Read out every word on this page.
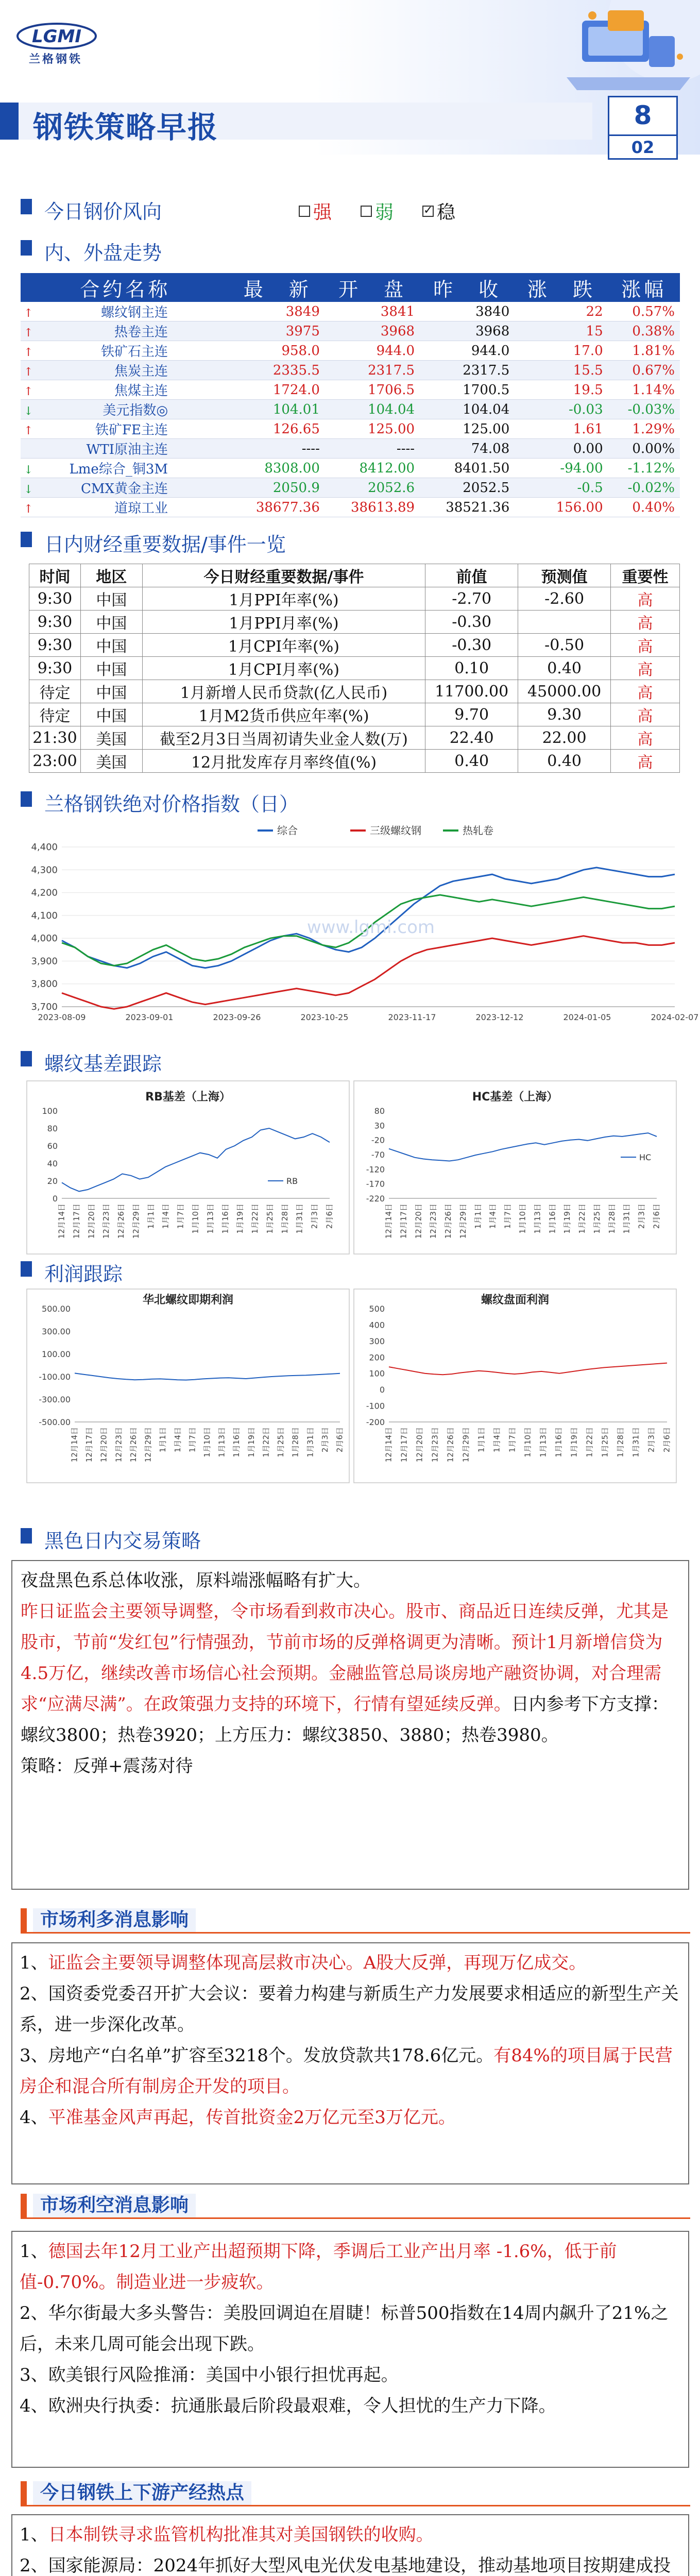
LGMI
兰格钢铁
钢铁策略早报	8
02
今日钢价风向	强	弱	✓ 稳
内、外盘走势
合约名称	最　新	开　盘	昨　收	涨　跌	涨幅
↑ 螺纹钢主连	3849	3841	3840	22	0.57%
↑ 热卷主连	3975	3968	3968	15	0.38%
↑ 铁矿石主连	958.0	944.0	944.0	17.0	1.81%
↑ 焦炭主连	2335.5	2317.5	2317.5	15.5	0.67%
↑ 焦煤主连	1724.0	1706.5	1700.5	19.5	1.14%
↓ 美元指数◎	104.01	104.04	104.04	-0.03	-0.03%
↑ 铁矿FE主连	126.65	125.00	125.00	1.61	1.29%
WTI原油主连	----	----	74.08	0.00	0.00%
↓ Lme综合_铜3M	8308.00	8412.00	8401.50	-94.00	-1.12%
↓ CMX黄金主连	2050.9	2052.6	2052.5	-0.5	-0.02%
↑ 道琼工业	38677.36	38613.89	38521.36	156.00	0.40%
日内财经重要数据/事件一览
时间	地区	今日财经重要数据/事件	前值	预测值	重要性
9:30	中国	1月PPI年率(%)	-2.70	-2.60	高
9:30	中国	1月PPI月率(%)	-0.30		高
9:30	中国	1月CPI年率(%)	-0.30	-0.50	高
9:30	中国	1月CPI月率(%)	0.10	0.40	高
待定	中国	1月新增人民币贷款(亿人民币)	11700.00	45000.00	高
待定	中国	1月M2货币供应年率(%)	9.70	9.30	高
21:30	美国	截至2月3日当周初请失业金人数(万)	22.40	22.00	高
23:00	美国	12月批发库存月率终值(%)	0.40	0.40	高
兰格钢铁绝对价格指数（日）
4,400
4,300
4,200
4,100
4,000
3,900
3,800
3,700
2023-08-09	2023-09-01	2023-09-26	2023-10-25	2023-11-17	2023-12-12	2024-01-05	2024-02-07
综合	三级螺纹钢	热轧卷
www.lgmi.com
螺纹基差跟踪
RB基差（上海）
100
80
60
40
20
0
12月14日 12月17日 12月20日 12月23日 12月26日 12月29日 1月1日 1月4日 1月7日 1月10日 1月13日 1月16日 1月19日 1月22日 1月25日 1月28日 1月31日 2月3日 2月6日
RB
HC基差（上海）
80
30
-20
-70
-120
-170
-220
12月14日 12月17日 12月20日 12月23日 12月26日 12月29日 1月1日 1月4日 1月7日 1月10日 1月13日 1月16日 1月19日 1月22日 1月25日 1月28日 1月31日 2月3日 2月6日
HC
利润跟踪
华北螺纹即期利润
500.00
300.00
100.00
-100.00
-300.00
-500.00
12月14日 12月17日 12月20日 12月23日 12月26日 12月29日 1月1日 1月4日 1月7日 1月10日 1月13日 1月16日 1月19日 1月22日 1月25日 1月28日 1月31日 2月3日 2月6日
螺纹盘面利润
500
400
300
200
100
0
-100
-200
12月14日 12月17日 12月20日 12月23日 12月26日 12月29日 1月1日 1月4日 1月7日 1月10日 1月13日 1月16日 1月19日 1月22日 1月25日 1月28日 1月31日 2月3日 2月6日
黑色日内交易策略

夜盘黑色系总体收涨，原料端涨幅略有扩大。

昨日证监会主要领导调整，令市场看到救市决心。股市、商品近日连续反弹，尤其是股市，节前“发红包”行情强劲，节前市场的反弹格调更为清晰。预计1月新增信贷为4.5万亿，继续改善市场信心社会预期。金融监管总局谈房地产融资协调，对合理需求“应满尽满”。在政策强力支持的环境下，行情有望延续反弹。日内参考下方支撑：螺纹3800；热卷3920；上方压力：螺纹3850、3880；热卷3980。

策略：反弹+震荡对待

市场利多消息影响

1、证监会主要领导调整体现高层救市决心。A股大反弹，再现万亿成交。

2、国资委党委召开扩大会议：要着力构建与新质生产力发展要求相适应的新型生产关系，进一步深化改革。

3、房地产“白名单”扩容至3218个。发放贷款共178.6亿元。有84%的项目属于民营房企和混合所有制房企开发的项目。

4、平准基金风声再起，传首批资金2万亿元至3万亿元。

市场利空消息影响

1、德国去年12月工业产出超预期下降，季调后工业产出月率 -1.6%，低于前值-0.70%。制造业进一步疲软。

2、华尔街最大多头警告：美股回调迫在眉睫！标普500指数在14周内飙升了21%之后，未来几周可能会出现下跌。

3、欧美银行风险推涌：美国中小银行担忧再起。

4、欧洲央行执委：抗通胀最后阶段最艰难，令人担忧的生产力下降。

今日钢铁上下游产经热点

1、日本制铁寻求监管机构批准其对美国钢铁的收购。

2、国家能源局：2024年抓好大型风电光伏发电基地建设，推动基地项目按期建成投
